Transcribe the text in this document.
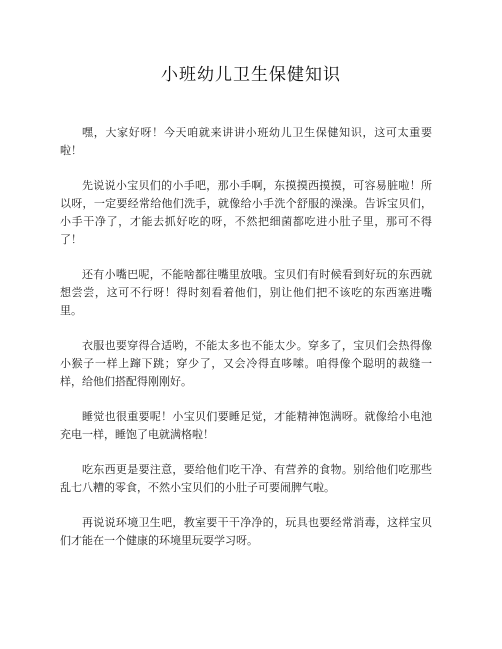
小班幼儿卫生保健知识

嘿，大家好呀！今天咱就来讲讲小班幼儿卫生保健知识，这可太重要啦！

先说说小宝贝们的小手吧，那小手啊，东摸摸西摸摸，可容易脏啦！所以呀，一定要经常给他们洗手，就像给小手洗个舒服的澡澡。告诉宝贝们，小手干净了，才能去抓好吃的呀，不然把细菌都吃进小肚子里，那可不得了！

还有小嘴巴呢，不能啥都往嘴里放哦。宝贝们有时候看到好玩的东西就想尝尝，这可不行呀！得时刻看着他们，别让他们把不该吃的东西塞进嘴里。

衣服也要穿得合适哟，不能太多也不能太少。穿多了，宝贝们会热得像小猴子一样上蹿下跳；穿少了，又会冷得直哆嗦。咱得像个聪明的裁缝一样，给他们搭配得刚刚好。

睡觉也很重要呢！小宝贝们要睡足觉，才能精神饱满呀。就像给小电池充电一样，睡饱了电就满格啦！

吃东西更是要注意，要给他们吃干净、有营养的食物。别给他们吃那些乱七八糟的零食，不然小宝贝们的小肚子可要闹脾气啦。

再说说环境卫生吧，教室要干干净净的，玩具也要经常消毒，这样宝贝们才能在一个健康的环境里玩耍学习呀。
